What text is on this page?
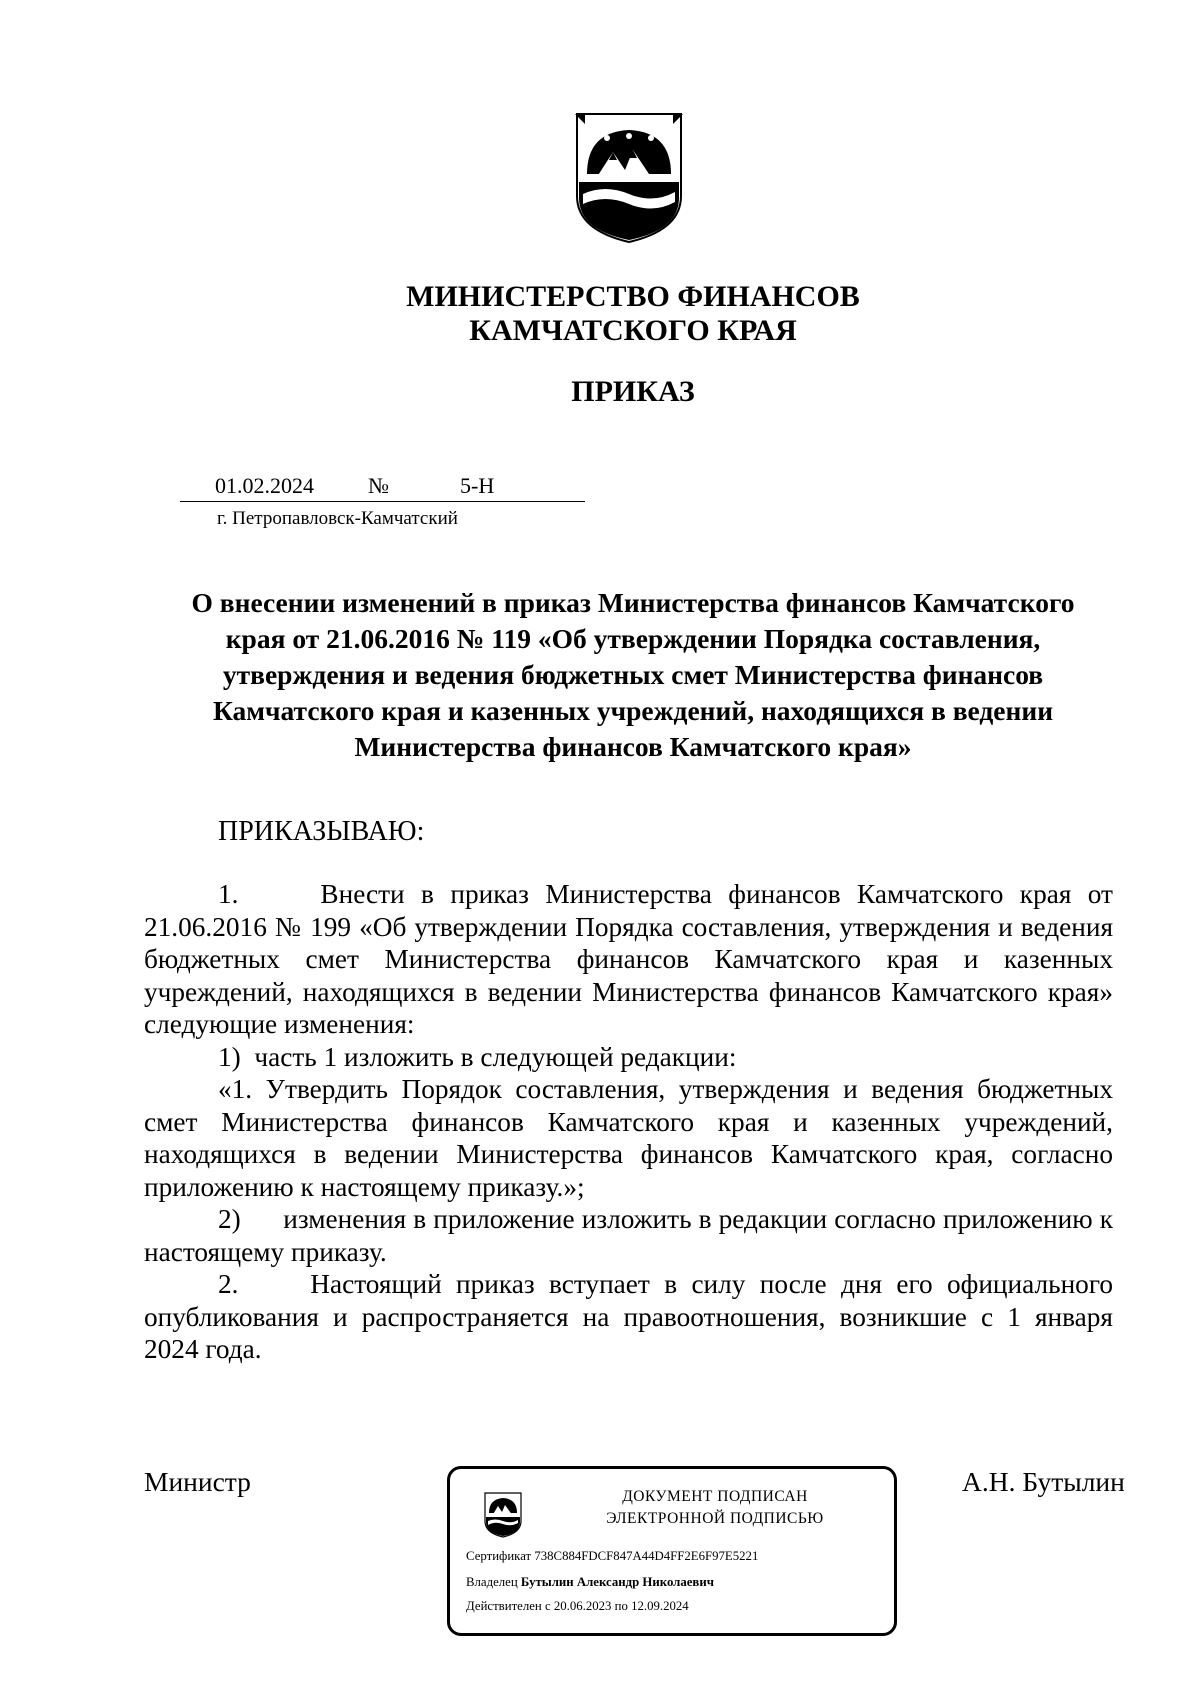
МИНИСТЕРСТВО ФИНАНСОВ
КАМЧАТСКОГО КРАЯ
ПРИКАЗ
01.02.2024 №	5-Н
г. Петропавловск-Камчатский
О внесении изменений в приказ Министерства финансов Камчатского
края от 21.06.2016 № 119 «Об утверждении Порядка составления,
утверждения и ведения бюджетных смет Министерства финансов
Камчатского края и казенных учреждений, находящихся в ведении
Министерства финансов Камчатского края»
ПРИКАЗЫВАЮ:

1.     Внести в приказ Министерства финансов Камчатского края от 21.06.2016 № 199 «Об утверждении Порядка составления, утверждения и ведения бюджетных смет Министерства финансов Камчатского края и казенных учреждений, находящихся в ведении Министерства финансов Камчатского края» следующие изменения:

1)  часть 1 изложить в следующей редакции:

«1. Утвердить Порядок составления, утверждения и ведения бюджетных смет Министерства финансов Камчатского края и казенных учреждений, находящихся в ведении Министерства финансов Камчатского края, согласно приложению к настоящему приказу.»;

2)      изменения в приложение изложить в редакции согласно приложению к настоящему приказу.

2.     Настоящий приказ вступает в силу после дня его официального опубликования и распространяется на правоотношения, возникшие с 1 января 2024 года.

Министр	А.Н. Бутылин
ДОКУМЕНТ ПОДПИСАН
ЭЛЕКТРОННОЙ ПОДПИСЬЮ
Сертификат 738C884FDCF847A44D4FF2E6F97E5221
Владелец Бутылин Александр Николаевич
Действителен с 20.06.2023 по 12.09.2024
